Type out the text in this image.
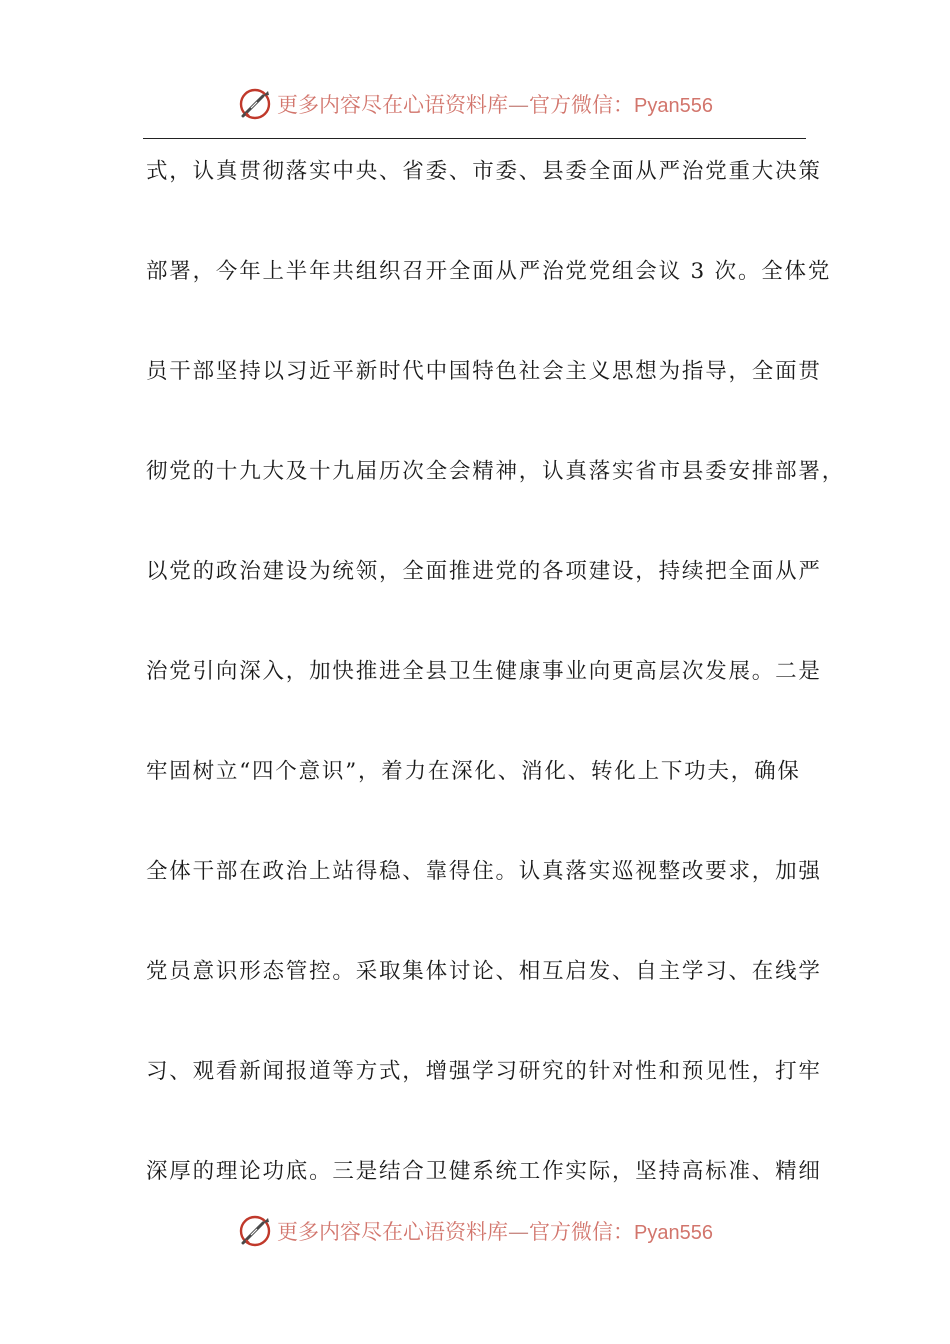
更多内容尽在心语资料库—官方微信：Pyan556
式，认真贯彻落实中央、省委、市委、县委全面从严治党重大决策
部署，今年上半年共组织召开全面从严治党党组会议 3 次。全体党
员干部坚持以习近平新时代中国特色社会主义思想为指导，全面贯
彻党的十九大及十九届历次全会精神，认真落实省市县委安排部署，
以党的政治建设为统领，全面推进党的各项建设，持续把全面从严
治党引向深入，加快推进全县卫生健康事业向更高层次发展。二是
牢固树立“四个意识”，着力在深化、消化、转化上下功夫，确保
全体干部在政治上站得稳、靠得住。认真落实巡视整改要求，加强
党员意识形态管控。采取集体讨论、相互启发、自主学习、在线学
习、观看新闻报道等方式，增强学习研究的针对性和预见性，打牢
深厚的理论功底。三是结合卫健系统工作实际，坚持高标准、精细
更多内容尽在心语资料库—官方微信：Pyan556
